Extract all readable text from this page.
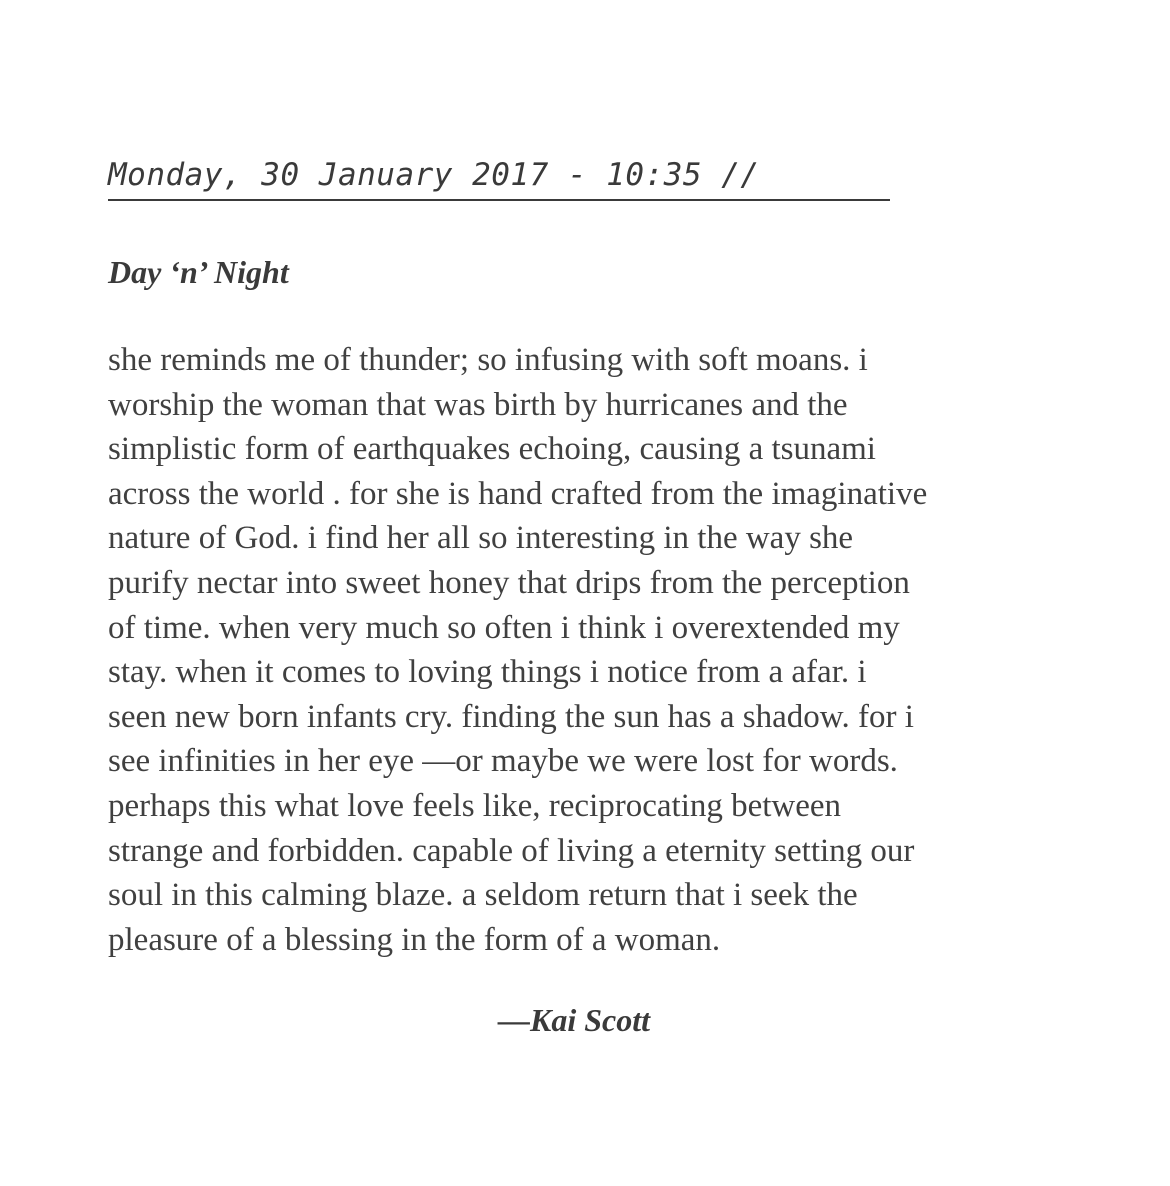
Monday, 30 January 2017 - 10:35 //
Day ‘n’ Night
she reminds me of thunder; so infusing with soft moans. i
worship the woman that was birth by hurricanes and the
simplistic form of earthquakes echoing, causing a tsunami
across the world . for she is hand crafted from the imaginative
nature of God. i find her all so interesting in the way she
purify nectar into sweet honey that drips from the perception
of time. when very much so often i think i overextended my
stay. when it comes to loving things i notice from a afar. i
seen new born infants cry. finding the sun has a shadow. for i
see infinities in her eye —or maybe we were lost for words.
perhaps this what love feels like, reciprocating between
strange and forbidden. capable of living a eternity setting our
soul in this calming blaze. a seldom return that i seek the
pleasure of a blessing in the form of a woman.
—Kai Scott
